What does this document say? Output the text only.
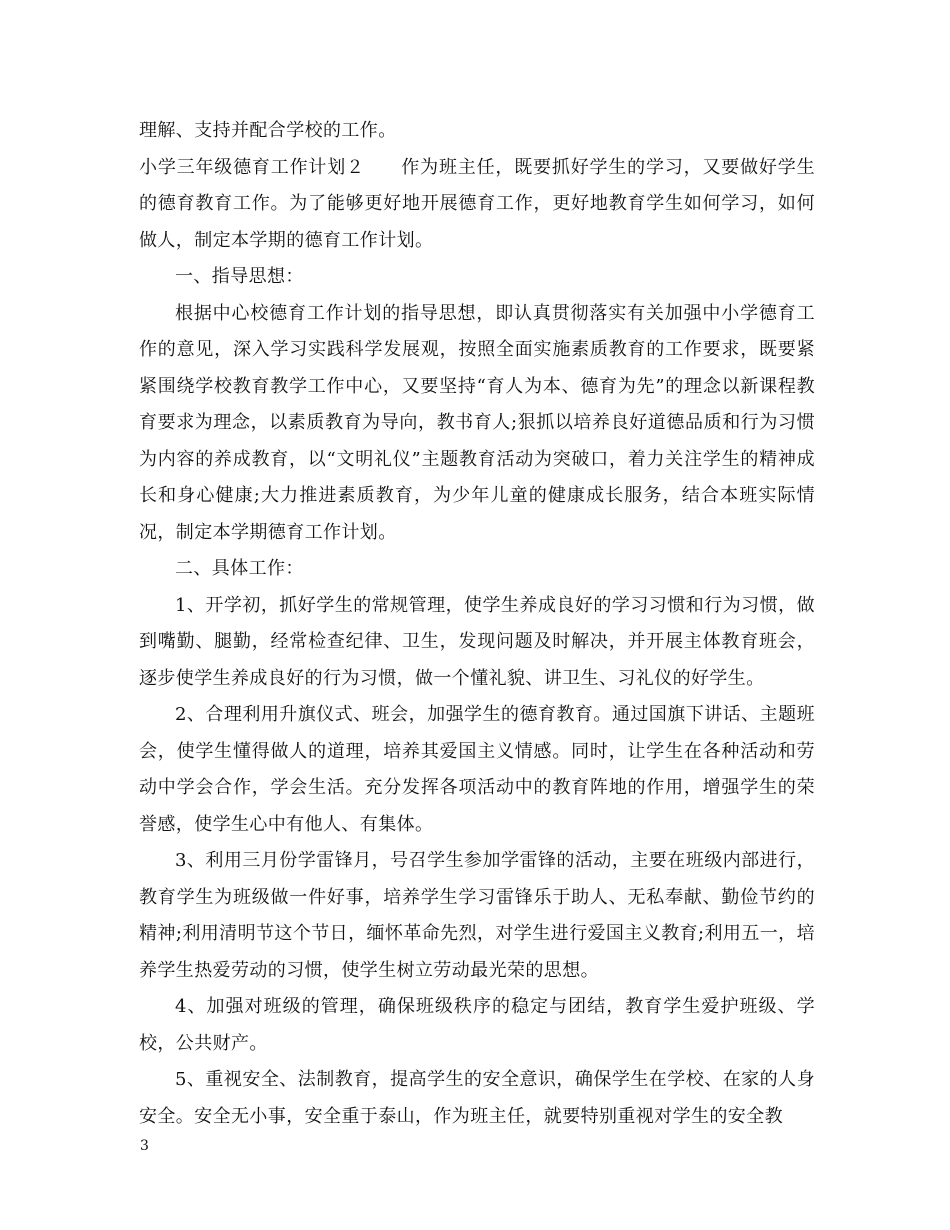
理解、支持并配合学校的工作。

小学三年级德育工作计划２ 作为班主任，既要抓好学生的学习，又要做好学生的德育教育工作。为了能够更好地开展德育工作，更好地教育学生如何学习，如何做人，制定本学期的德育工作计划。

一、指导思想：

根据中心校德育工作计划的指导思想，即认真贯彻落实有关加强中小学德育工作的意见，深入学习实践科学发展观，按照全面实施素质教育的工作要求，既要紧紧围绕学校教育教学工作中心，又要坚持“育人为本、德育为先”的理念以新课程教育要求为理念，以素质教育为导向，教书育人;狠抓以培养良好道德品质和行为习惯为内容的养成教育，以“文明礼仪”主题教育活动为突破口，着力关注学生的精神成长和身心健康;大力推进素质教育，为少年儿童的健康成长服务，结合本班实际情况，制定本学期德育工作计划。

二、具体工作：

1、开学初，抓好学生的常规管理，使学生养成良好的学习习惯和行为习惯，做到嘴勤、腿勤，经常检查纪律、卫生，发现问题及时解决，并开展主体教育班会，逐步使学生养成良好的行为习惯，做一个懂礼貌、讲卫生、习礼仪的好学生。

2、合理利用升旗仪式、班会，加强学生的德育教育。通过国旗下讲话、主题班会，使学生懂得做人的道理，培养其爱国主义情感。同时，让学生在各种活动和劳动中学会合作，学会生活。充分发挥各项活动中的教育阵地的作用，增强学生的荣誉感，使学生心中有他人、有集体。

3、利用三月份学雷锋月，号召学生参加学雷锋的活动，主要在班级内部进行，教育学生为班级做一件好事，培养学生学习雷锋乐于助人、无私奉献、勤俭节约的精神;利用清明节这个节日，缅怀革命先烈，对学生进行爱国主义教育;利用五一，培养学生热爱劳动的习惯，使学生树立劳动最光荣的思想。

4、加强对班级的管理，确保班级秩序的稳定与团结，教育学生爱护班级、学校，公共财产。

5、重视安全、法制教育，提高学生的安全意识，确保学生在学校、在家的人身安全。安全无小事，安全重于泰山，作为班主任，就要特别重视对学生的安全教

3
